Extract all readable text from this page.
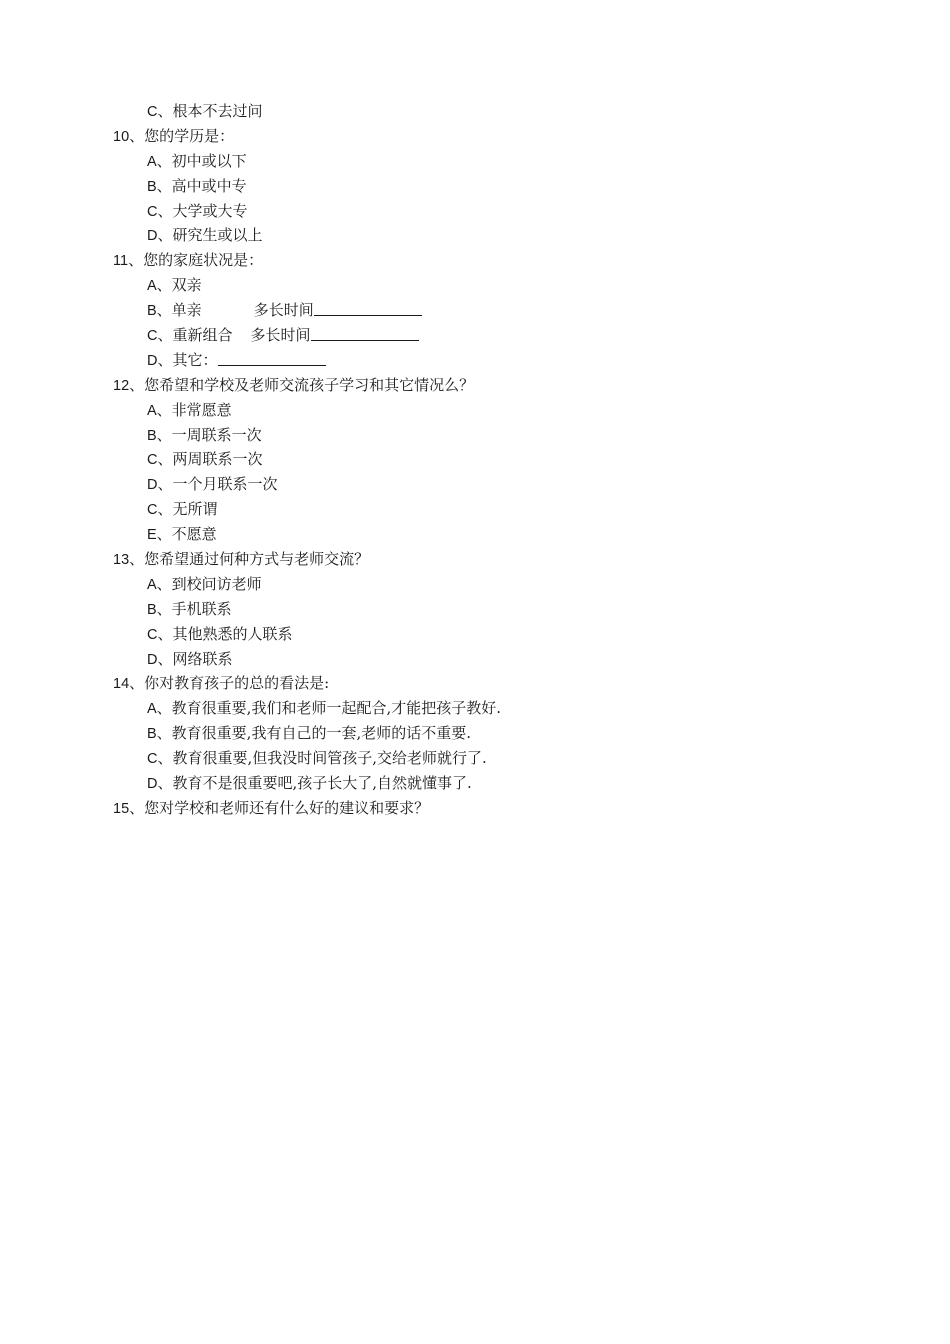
C、根本不去过问
10、您的学历是：
A、初中或以下
B、高中或中专
C、大学或大专
D、研究生或以上
11、您的家庭状况是：
A、双亲
B、单亲	多长时间
C、重新组合 多长时间
D、其它：
12、您希望和学校及老师交流孩子学习和其它情况么？
A、非常愿意
B、一周联系一次
C、两周联系一次
D、一个月联系一次
C、无所谓
E、不愿意
13、您希望通过何种方式与老师交流？
A、到校问访老师
B、手机联系
C、其他熟悉的人联系
D、网络联系
14、你对教育孩子的总的看法是:
A、教育很重要,我们和老师一起配合,才能把孩子教好.
B、教育很重要,我有自己的一套,老师的话不重要.
C、教育很重要,但我没时间管孩子,交给老师就行了.
D、教育不是很重要吧,孩子长大了,自然就懂事了.
15、您对学校和老师还有什么好的建议和要求？
